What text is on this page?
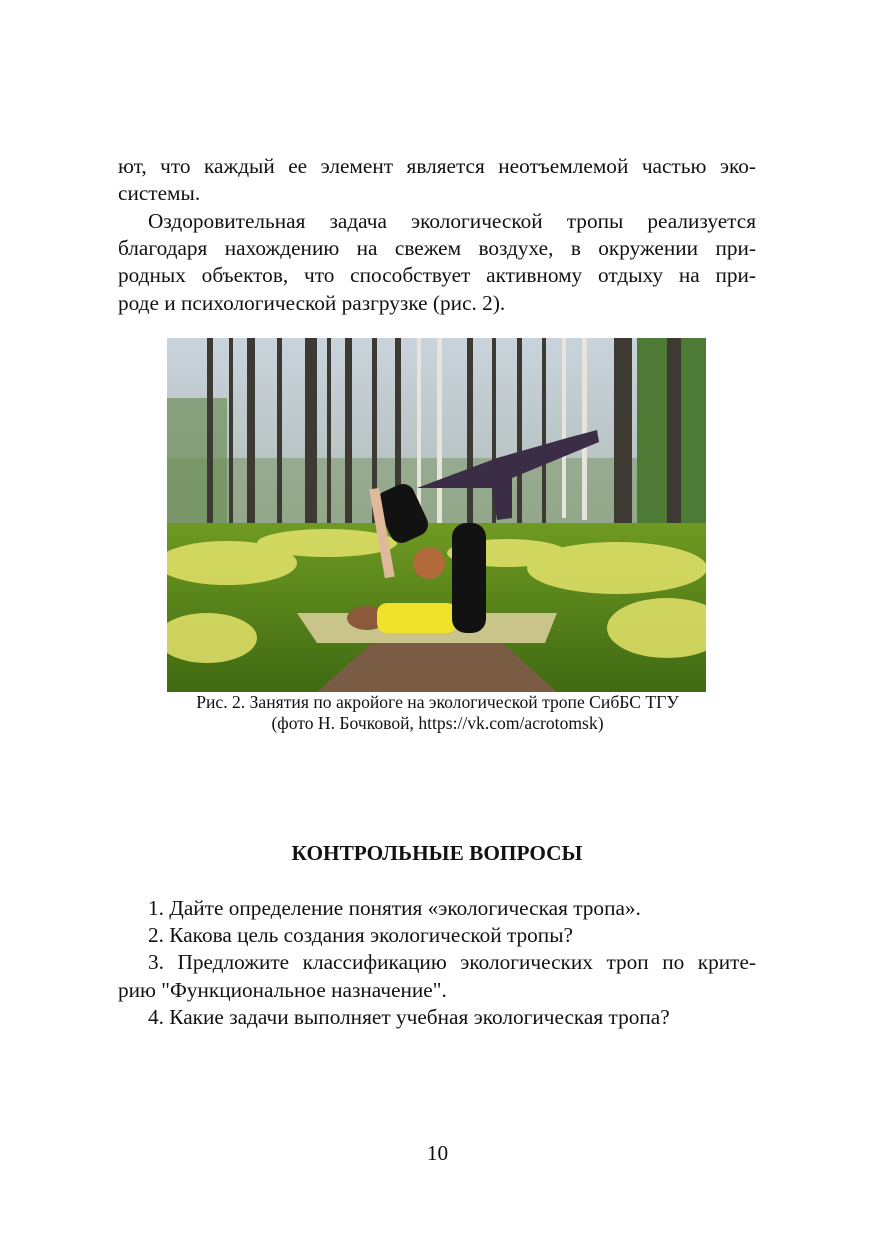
ют, что каждый ее элемент является неотъемлемой частью эко-
системы.
Оздоровительная задача экологической тропы реализуется
благодаря нахождению на свежем воздухе, в окружении при-
родных объектов, что способствует активному отдыху на при-
роде и психологической разгрузке (рис. 2).
Рис. 2. Занятия по акройоге на экологической тропе СибБС ТГУ
(фото Н. Бочковой, https://vk.com/acrotomsk)
КОНТРОЛЬНЫЕ ВОПРОСЫ
1. Дайте определение понятия «экологическая тропа».
2. Какова цель создания экологической тропы?
3. Предложите классификацию экологических троп по крите-
рию "Функциональное назначение".
4. Какие задачи выполняет учебная экологическая тропа?
10
